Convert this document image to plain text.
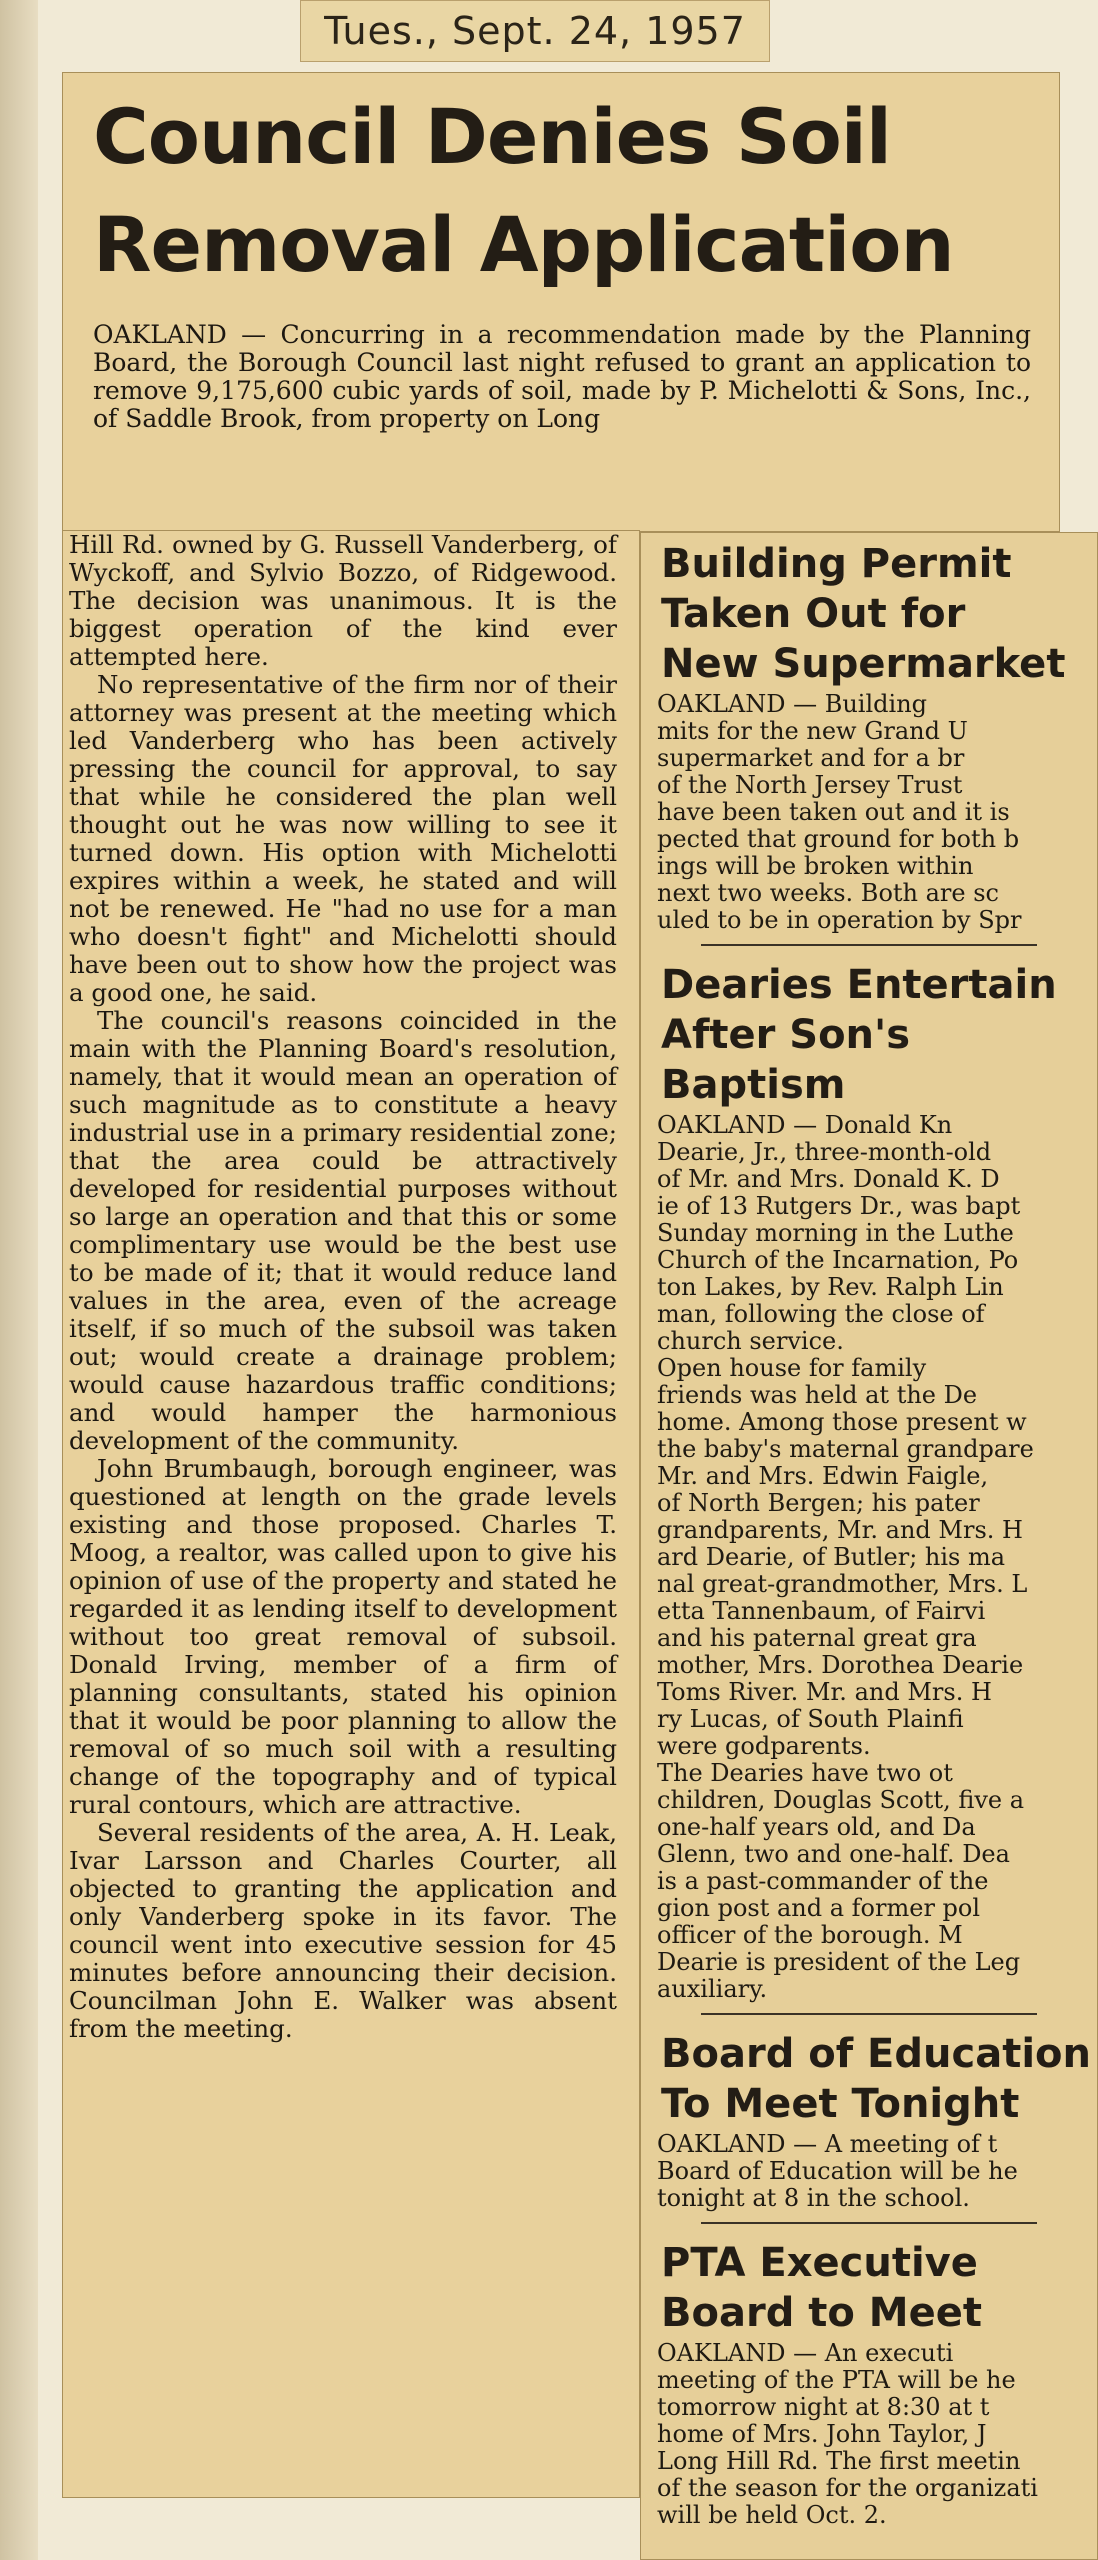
Tues., Sept. 24, 1957
Council Denies Soil
Removal Application
OAKLAND — Concurring in a recommendation made by the Planning Board, the Borough Council last night refused to grant an application to remove 9,175,600 cubic yards of soil, made by P. Michelotti & Sons, Inc., of Saddle Brook, from property on Long

Hill Rd. owned by G. Russell Vanderberg, of Wyckoff, and Sylvio Bozzo, of Ridgewood. The decision was unanimous. It is the biggest operation of the kind ever attempted here.

No representative of the firm nor of their attorney was present at the meeting which led Vanderberg who has been actively pressing the council for approval, to say that while he considered the plan well thought out he was now willing to see it turned down. His option with Michelotti expires within a week, he stated and will not be renewed. He "had no use for a man who doesn't fight" and Michelotti should have been out to show how the project was a good one, he said.

The council's reasons coincided in the main with the Planning Board's resolution, namely, that it would mean an operation of such magnitude as to constitute a heavy industrial use in a primary residential zone; that the area could be attractively developed for residential purposes without so large an operation and that this or some complimentary use would be the best use to be made of it; that it would reduce land values in the area, even of the acreage itself, if so much of the subsoil was taken out; would create a drainage problem; would cause hazardous traffic conditions; and would hamper the harmonious development of the community.

John Brumbaugh, borough engineer, was questioned at length on the grade levels existing and those proposed. Charles T. Moog, a realtor, was called upon to give his opinion of use of the property and stated he regarded it as lending itself to development without too great removal of subsoil. Donald Irving, member of a firm of planning consultants, stated his opinion that it would be poor planning to allow the removal of so much soil with a resulting change of the topography and of typical rural contours, which are attractive.

Several residents of the area, A. H. Leak, Ivar Larsson and Charles Courter, all objected to granting the application and only Vanderberg spoke in its favor. The council went into executive session for 45 minutes before announcing their decision. Councilman John E. Walker was absent from the meeting.

Building Permit
Taken Out for
New Supermarket
OAKLAND — Building
mits for the new Grand U
supermarket and for a br
of the North Jersey Trust
have been taken out and it is
pected that ground for both b
ings will be broken within
next two weeks. Both are sc
uled to be in operation by Spr
Dearies Entertain
After Son's Baptism
OAKLAND — Donald Kn
Dearie, Jr., three-month-old
of Mr. and Mrs. Donald K. D
ie of 13 Rutgers Dr., was bapt
Sunday morning in the Luthe
Church of the Incarnation, Po
ton Lakes, by Rev. Ralph Lin
man, following the close of
church service.
Open house for family
friends was held at the De
home. Among those present w
the baby's maternal grandpare
Mr. and Mrs. Edwin Faigle,
of North Bergen; his pater
grandparents, Mr. and Mrs. H
ard Dearie, of Butler; his ma
nal great-grandmother, Mrs. L
etta Tannenbaum, of Fairvi
and his paternal great gra
mother, Mrs. Dorothea Dearie
Toms River. Mr. and Mrs. H
ry Lucas, of South Plainfi
were godparents.
The Dearies have two ot
children, Douglas Scott, five a
one-half years old, and Da
Glenn, two and one-half. Dea
is a past-commander of the
gion post and a former pol
officer of the borough. M
Dearie is president of the Leg
auxiliary.
Board of Education
To Meet Tonight
OAKLAND — A meeting of t
Board of Education will be he
tonight at 8 in the school.
PTA Executive
Board to Meet
OAKLAND — An executi
meeting of the PTA will be he
tomorrow night at 8:30 at t
home of Mrs. John Taylor, J
Long Hill Rd. The first meetin
of the season for the organizati
will be held Oct. 2.
